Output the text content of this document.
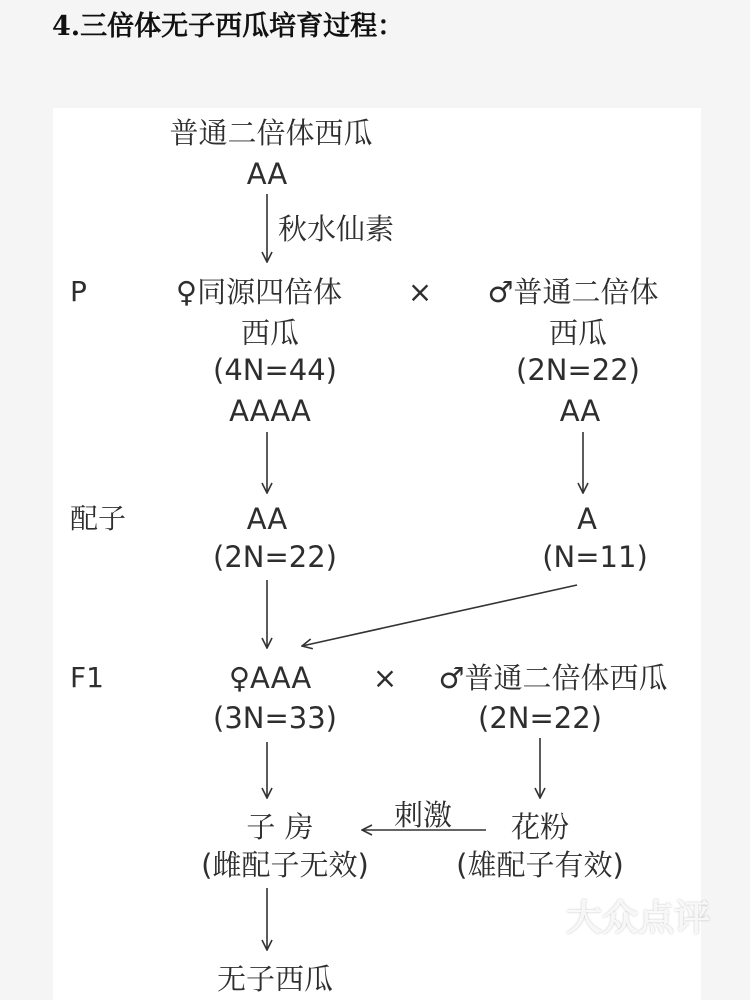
4.三倍体无子西瓜培育过程：
普通二倍体西瓜
AA
秋水仙素
P
配子
F1
♀同源四倍体
西瓜
(4N=44)
AAAA
× ♂普通二倍体
西瓜
(2N=22)
AA
AA
(2N=22)
A
(N=11)
♀AAA
(3N=33)
× ♂普通二倍体西瓜
(2N=22)
子 房
(雌配子无效)
刺激 花粉
(雄配子有效)
无子西瓜
大众点评
